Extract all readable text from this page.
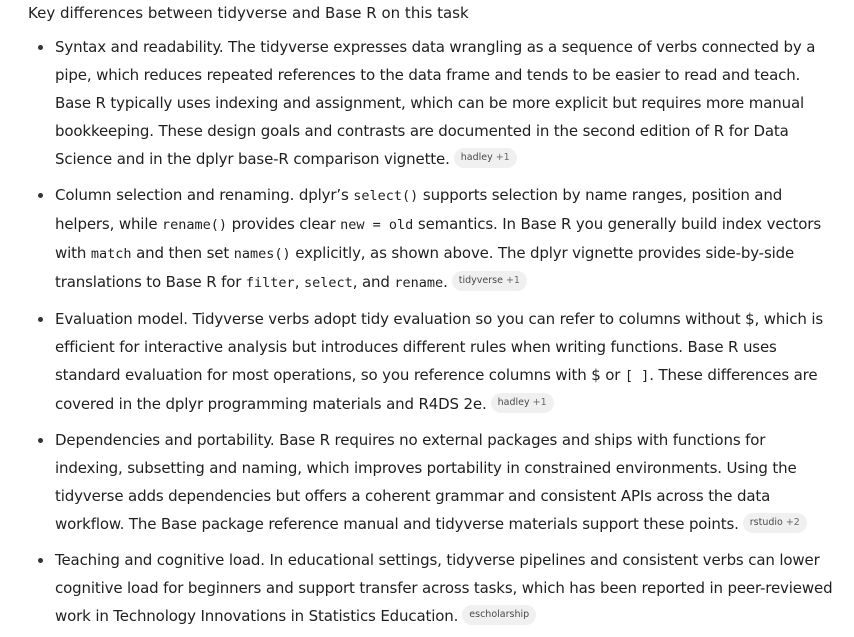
Key differences between tidyverse and Base R on this task

Syntax and readability. The tidyverse expresses data wrangling as a sequence of verbs connected by a pipe, which reduces repeated references to the data frame and tends to be easier to read and teach. Base R typically uses indexing and assignment, which can be more explicit but requires more manual bookkeeping. These design goals and contrasts are documented in the second edition of R for Data Science and in the dplyr base-R comparison vignette. hadley +1
Column selection and renaming. dplyr’s select() supports selection by name ranges, position and helpers, while rename() provides clear new = old semantics. In Base R you generally build index vectors with match and then set names() explicitly, as shown above. The dplyr vignette provides side-by-side translations to Base R for filter, select, and rename. tidyverse +1
Evaluation model. Tidyverse verbs adopt tidy evaluation so you can refer to columns without $, which is efficient for interactive analysis but introduces different rules when writing functions. Base R uses standard evaluation for most operations, so you reference columns with $ or [ ]. These differences are covered in the dplyr programming materials and R4DS 2e. hadley +1
Dependencies and portability. Base R requires no external packages and ships with functions for indexing, subsetting and naming, which improves portability in constrained environments. Using the tidyverse adds dependencies but offers a coherent grammar and consistent APIs across the data workflow. The Base package reference manual and tidyverse materials support these points. rstudio +2
Teaching and cognitive load. In educational settings, tidyverse pipelines and consistent verbs can lower cognitive load for beginners and support transfer across tasks, which has been reported in peer-reviewed work in Technology Innovations in Statistics Education. escholarship
